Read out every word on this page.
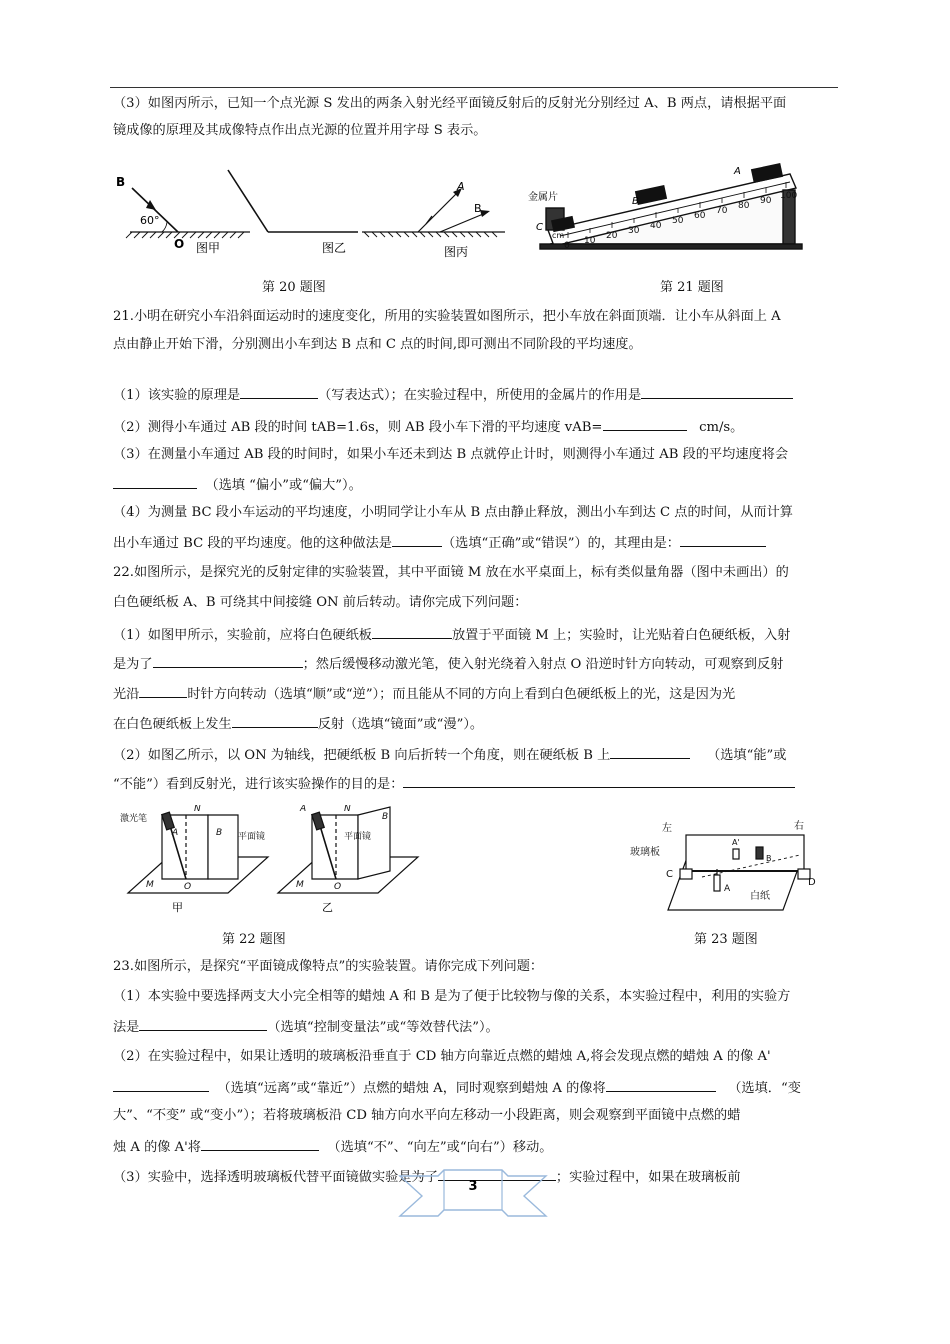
（3）如图丙所示，已知一个点光源 S 发出的两条入射光经平面镜反射后的反射光分别经过 A、B 两点，请根据平面
镜成像的原理及其成像特点作出点光源的位置并用字母 S 表示。
B
60°
O 图甲	图乙	图丙
A
B
0 10 20 30 40 50 60 70 80 90 100
cm
金属片
C
B
A
第 20 题图	第 21 题图
21.小明在研究小车沿斜面运动时的速度变化，所用的实验装置如图所示，把小车放在斜面顶端．让小车从斜面上 A
点由静止开始下滑，分别测出小车到达 B 点和 C 点的时间,即可测出不同阶段的平均速度。
（1）该实验的原理是	（写表达式）；在实验过程中，所使用的金属片的作用是
（2）测得小车通过 AB 段的时间 tAB=1.6s，则 AB 段小车下滑的平均速度 vAB=	cm/s。
（3）在测量小车通过 AB 段的时间时，如果小车还未到达 B 点就停止计时，则测得小车通过 AB 段的平均速度将会
（选填 “偏小”或“偏大”）。
（4）为测量 BC 段小车运动的平均速度，小明同学让小车从 B 点由静止释放，测出小车到达 C 点的时间，从而计算
出小车通过 BC 段的平均速度。他的这种做法是	（选填“正确”或“错误”）的，其理由是：
22.如图所示，是探究光的反射定律的实验装置，其中平面镜 M 放在水平桌面上，标有类似量角器（图中未画出）的
白色硬纸板 A、B 可绕其中间接缝 ON 前后转动。请你完成下列问题：
（1）如图甲所示，实验前，应将白色硬纸板	放置于平面镜 M 上；实验时，让光贴着白色硬纸板，入射
是为了	；然后缓慢移动激光笔，使入射光绕着入射点 O 沿逆时针方向转动，可观察到反射
光沿	时针方向转动（选填“顺”或“逆”）；而且能从不同的方向上看到白色硬纸板上的光，这是因为光
在白色硬纸板上发生	反射（选填“镜面”或“漫”）。
（2）如图乙所示，以 ON 为轴线，把硬纸板 B 向后折转一个角度，则在硬纸板 B 上	（选填“能”或
“不能”）看到反射光，进行该实验操作的目的是：
激光笔
N
A	B 平面镜
M	O
平面镜
M	O
B
A	N
甲	乙
左	右
玻璃板
A'
B
A
C
D
白纸
第 22 题图	第 23 题图
23.如图所示，是探究“平面镜成像特点”的实验装置。请你完成下列问题：
（1）本实验中要选择两支大小完全相等的蜡烛 A 和 B 是为了便于比较物与像的关系，本实验过程中，利用的实验方
法是	（选填“控制变量法”或“等效替代法”）。
（2）在实验过程中，如果让透明的玻璃板沿垂直于 CD 轴方向靠近点燃的蜡烛 A,将会发现点燃的蜡烛 A 的像 A'
（选填“远离”或“靠近”）点燃的蜡烛 A，同时观察到蜡烛 A 的像将	（选填．“变
大”、“不变” 或“变小”）；若将玻璃板沿 CD 轴方向水平向左移动一小段距离，则会观察到平面镜中点燃的蜡
烛 A 的像 A'将	（选填“不”、“向左”或“向右”）移动。
（3）实验中，选择透明玻璃板代替平面镜做实验是为了	；实验过程中，如果在玻璃板前
3
